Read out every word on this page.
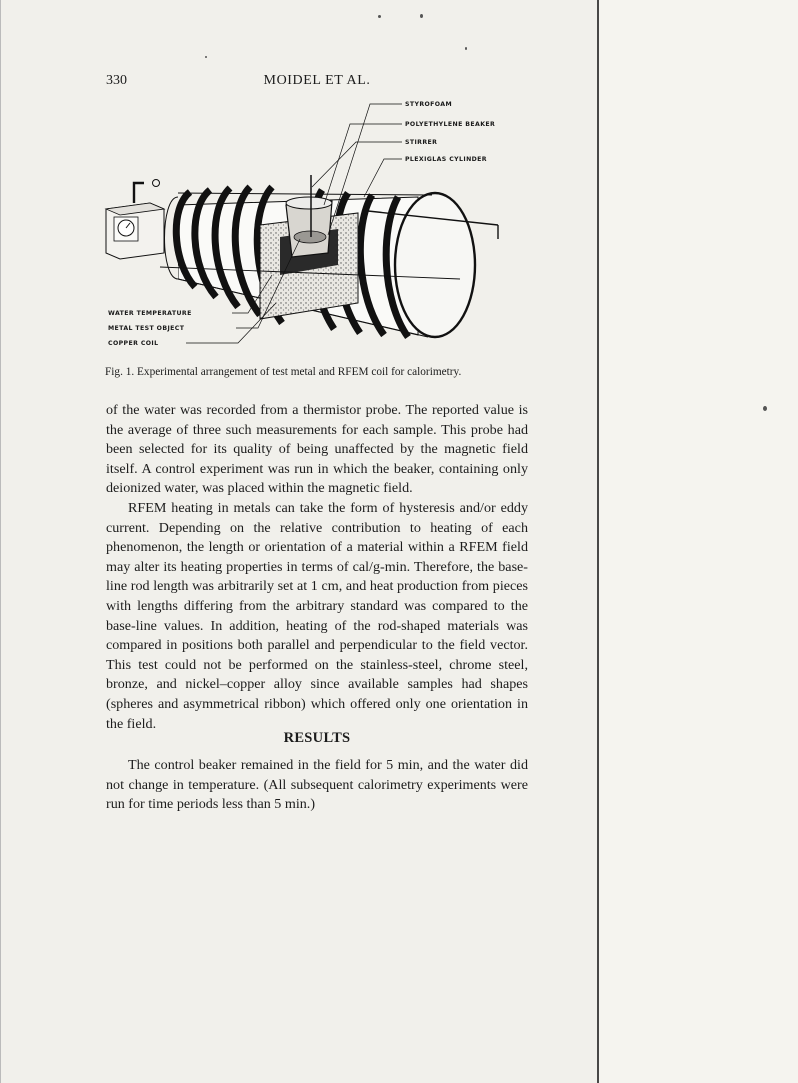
330	MOIDEL ET AL.
STYROFOAM
POLYETHYLENE BEAKER
STIRRER
PLEXIGLAS CYLINDER
WATER TEMPERATURE
METAL TEST OBJECT
COPPER COIL
Fig. 1. Experimental arrangement of test metal and RFEM coil for calorimetry.

of the water was recorded from a thermistor probe. The reported value is the average of three such measurements for each sample. This probe had been selected for its quality of being unaffected by the magnetic field itself. A control experiment was run in which the beaker, containing only deionized water, was placed within the magnetic field.

RFEM heating in metals can take the form of hysteresis and/or eddy current. Depending on the relative contribution to heating of each phenomenon, the length or orientation of a material within a RFEM field may alter its heating properties in terms of cal/g-min. Therefore, the base-line rod length was arbitrarily set at 1 cm, and heat production from pieces with lengths differing from the arbitrary standard was compared to the base-line values. In addition, heating of the rod-shaped materials was compared in positions both parallel and perpendicular to the field vector. This test could not be performed on the stainless-steel, chrome steel, bronze, and nickel–copper alloy since available samples had shapes (spheres and asymmetrical ribbon) which offered only one orientation in the field.

RESULTS

The control beaker remained in the field for 5 min, and the water did not change in temperature. (All subsequent calorimetry experiments were run for time periods less than 5 min.)
